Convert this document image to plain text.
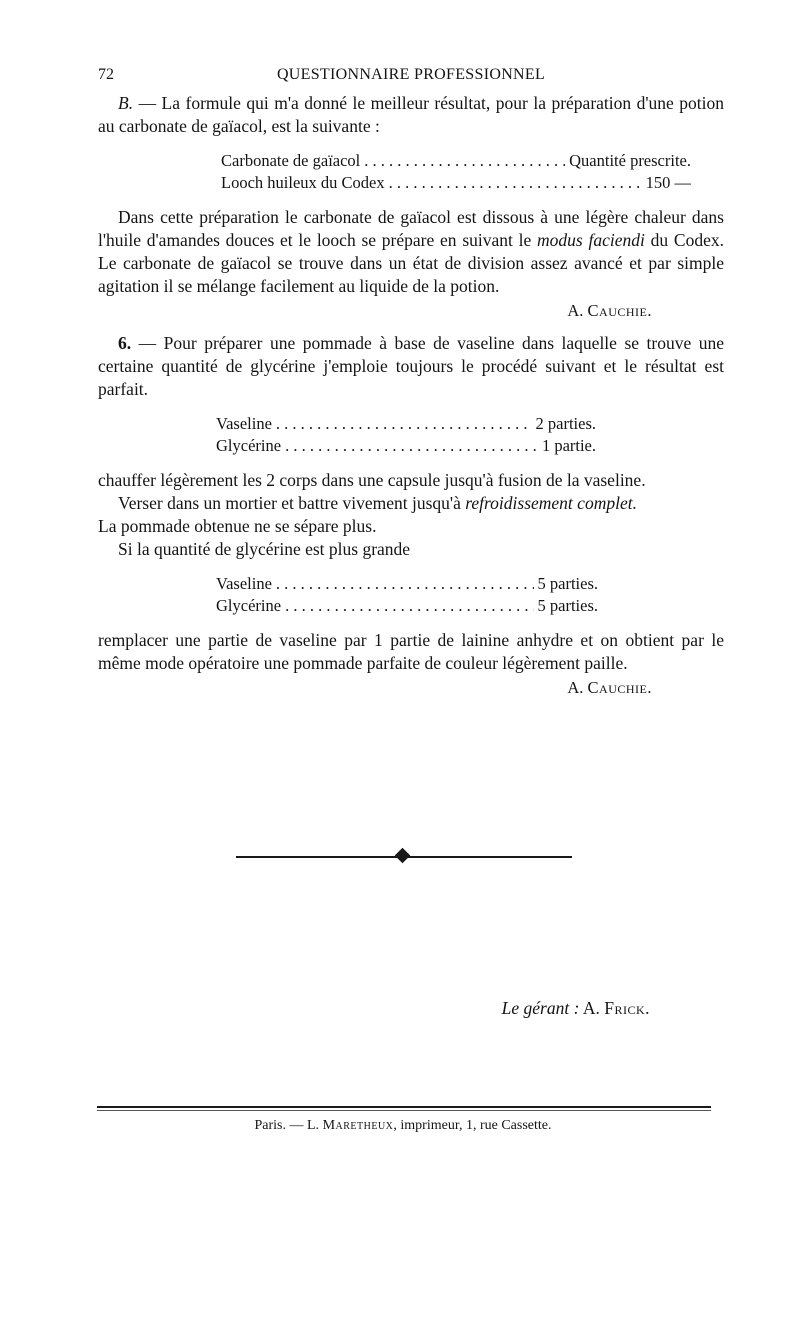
72	QUESTIONNAIRE PROFESSIONNEL

B. — La formule qui m'a donné le meilleur résultat, pour la préparation d'une potion au carbonate de gaïacol, est la suivante :

Carbonate de gaïacol . . .	Quantité prescrite.
Looch huileux du Codex . . .	150 —

Dans cette préparation le carbonate de gaïacol est dissous à une légère chaleur dans l'huile d'amandes douces et le looch se prépare en suivant le modus faciendi du Codex. Le carbonate de gaïacol se trouve dans un état de division assez avancé et par simple agitation il se mélange facilement au liquide de la potion.

A. Cauchie.

6. — Pour préparer une pommade à base de vaseline dans laquelle se trouve une certaine quantité de glycérine j'emploie toujours le procédé suivant et le résultat est parfait.

Vaseline . . .	2 parties.
Glycérine . . .	1 partie.

chauffer légèrement les 2 corps dans une capsule jusqu'à fusion de la vaseline.

Verser dans un mortier et battre vivement jusqu'à refroidissement complet.

La pommade obtenue ne se sépare plus.

Si la quantité de glycérine est plus grande

Vaseline . . .	5 parties.
Glycérine . . .	5 parties.

remplacer une partie de vaseline par 1 partie de lainine anhydre et on obtient par le même mode opératoire une pommade parfaite de couleur légèrement paille.

A. Cauchie.
Le gérant : A. Frick.
Paris. — L. Maretheux, imprimeur, 1, rue Cassette.
